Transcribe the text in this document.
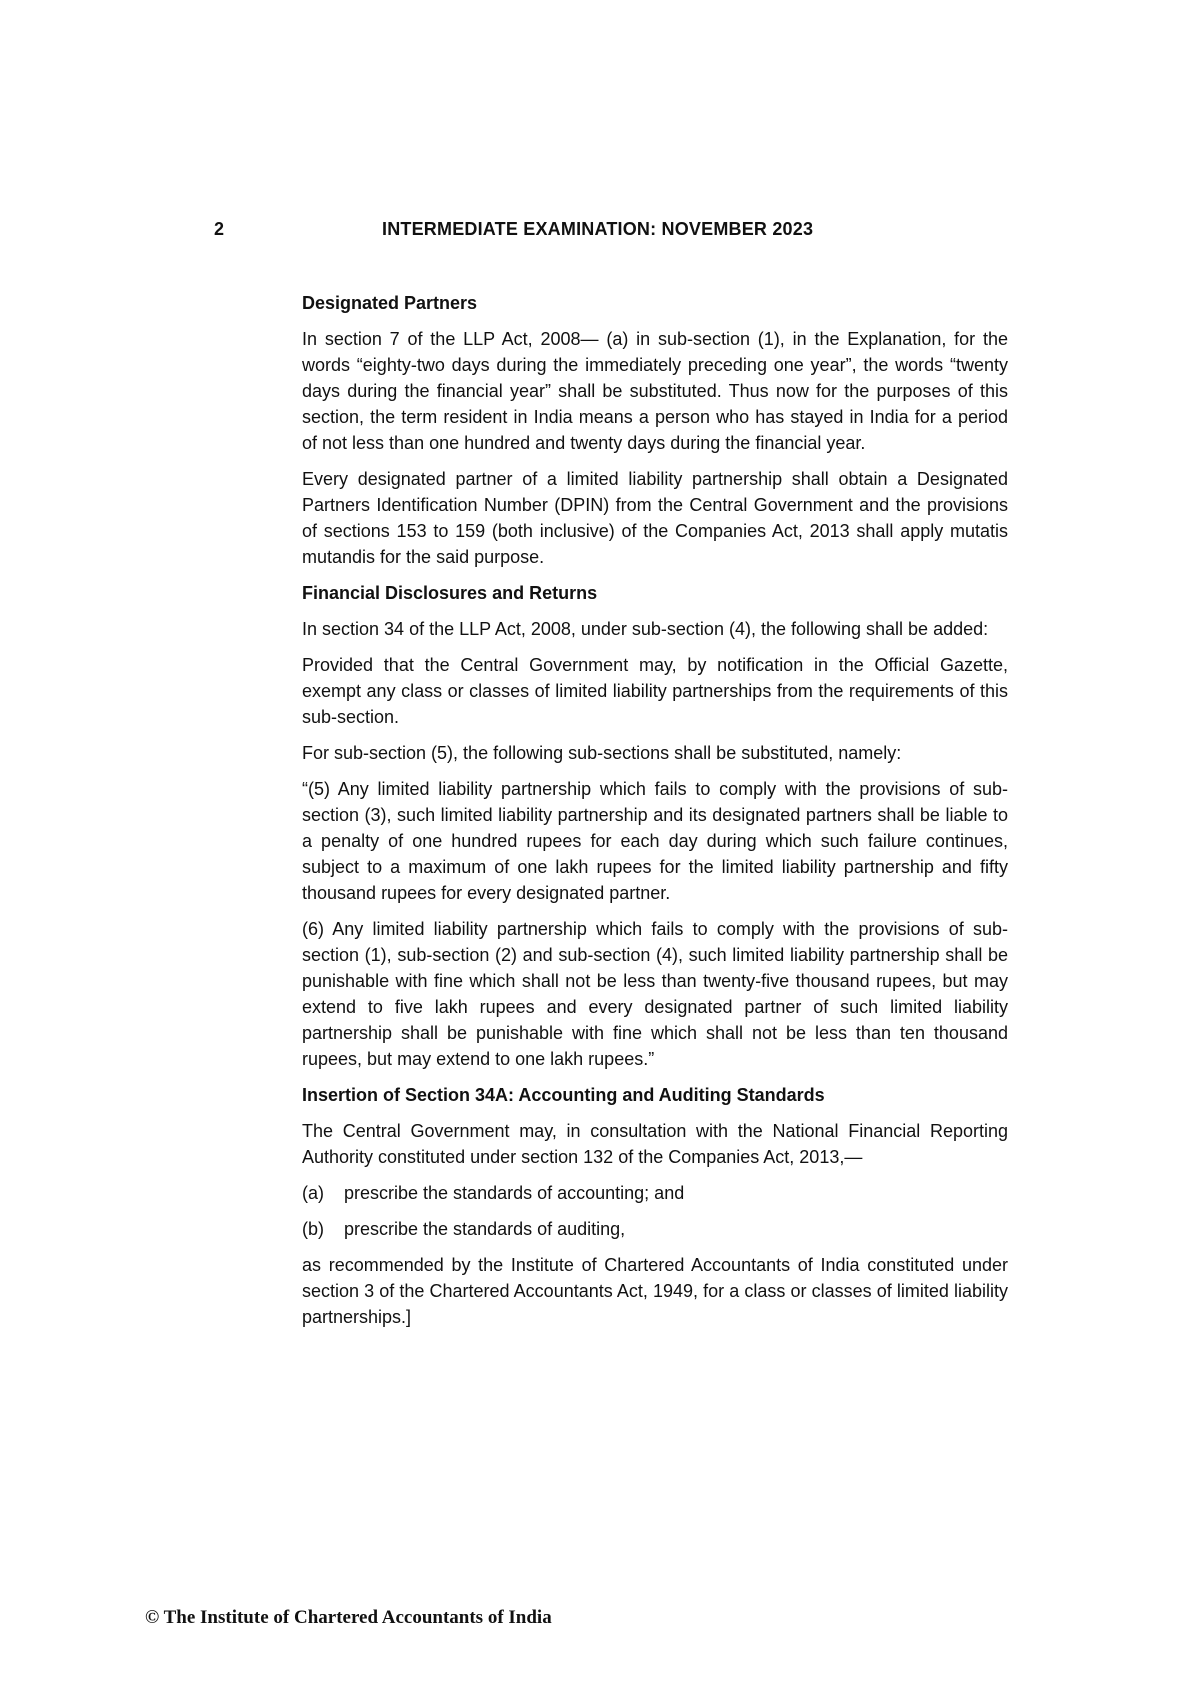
2	INTERMEDIATE EXAMINATION: NOVEMBER 2023
Designated Partners

In section 7 of the LLP Act, 2008— (a) in sub-section (1), in the Explanation, for the words “eighty-two days during the immediately preceding one year”, the words “twenty days during the financial year” shall be substituted. Thus now for the purposes of this section, the term resident in India means a person who has stayed in India for a period of not less than one hundred and twenty days during the financial year.

Every designated partner of a limited liability partnership shall obtain a Designated Partners Identification Number (DPIN) from the Central Government and the provisions of sections 153 to 159 (both inclusive) of the Companies Act, 2013 shall apply mutatis mutandis for the said purpose.

Financial Disclosures and Returns

In section 34 of the LLP Act, 2008, under sub-section (4), the following shall be added:

Provided that the Central Government may, by notification in the Official Gazette, exempt any class or classes of limited liability partnerships from the requirements of this sub-section.

For sub-section (5), the following sub-sections shall be substituted, namely:

“(5) Any limited liability partnership which fails to comply with the provisions of sub-section (3), such limited liability partnership and its designated partners shall be liable to a penalty of one hundred rupees for each day during which such failure continues, subject to a maximum of one lakh rupees for the limited liability partnership and fifty thousand rupees for every designated partner.

(6) Any limited liability partnership which fails to comply with the provisions of sub-section (1), sub-section (2) and sub-section (4), such limited liability partnership shall be punishable with fine which shall not be less than twenty-five thousand rupees, but may extend to five lakh rupees and every designated partner of such limited liability partnership shall be punishable with fine which shall not be less than ten thousand rupees, but may extend to one lakh rupees.”

Insertion of Section 34A: Accounting and Auditing Standards

The Central Government may, in consultation with the National Financial Reporting Authority constituted under section 132 of the Companies Act, 2013,—

(a)	prescribe the standards of accounting; and
(b)	prescribe the standards of auditing,

as recommended by the Institute of Chartered Accountants of India constituted under section 3 of the Chartered Accountants Act, 1949, for a class or classes of limited liability partnerships.]

© The Institute of Chartered Accountants of India
